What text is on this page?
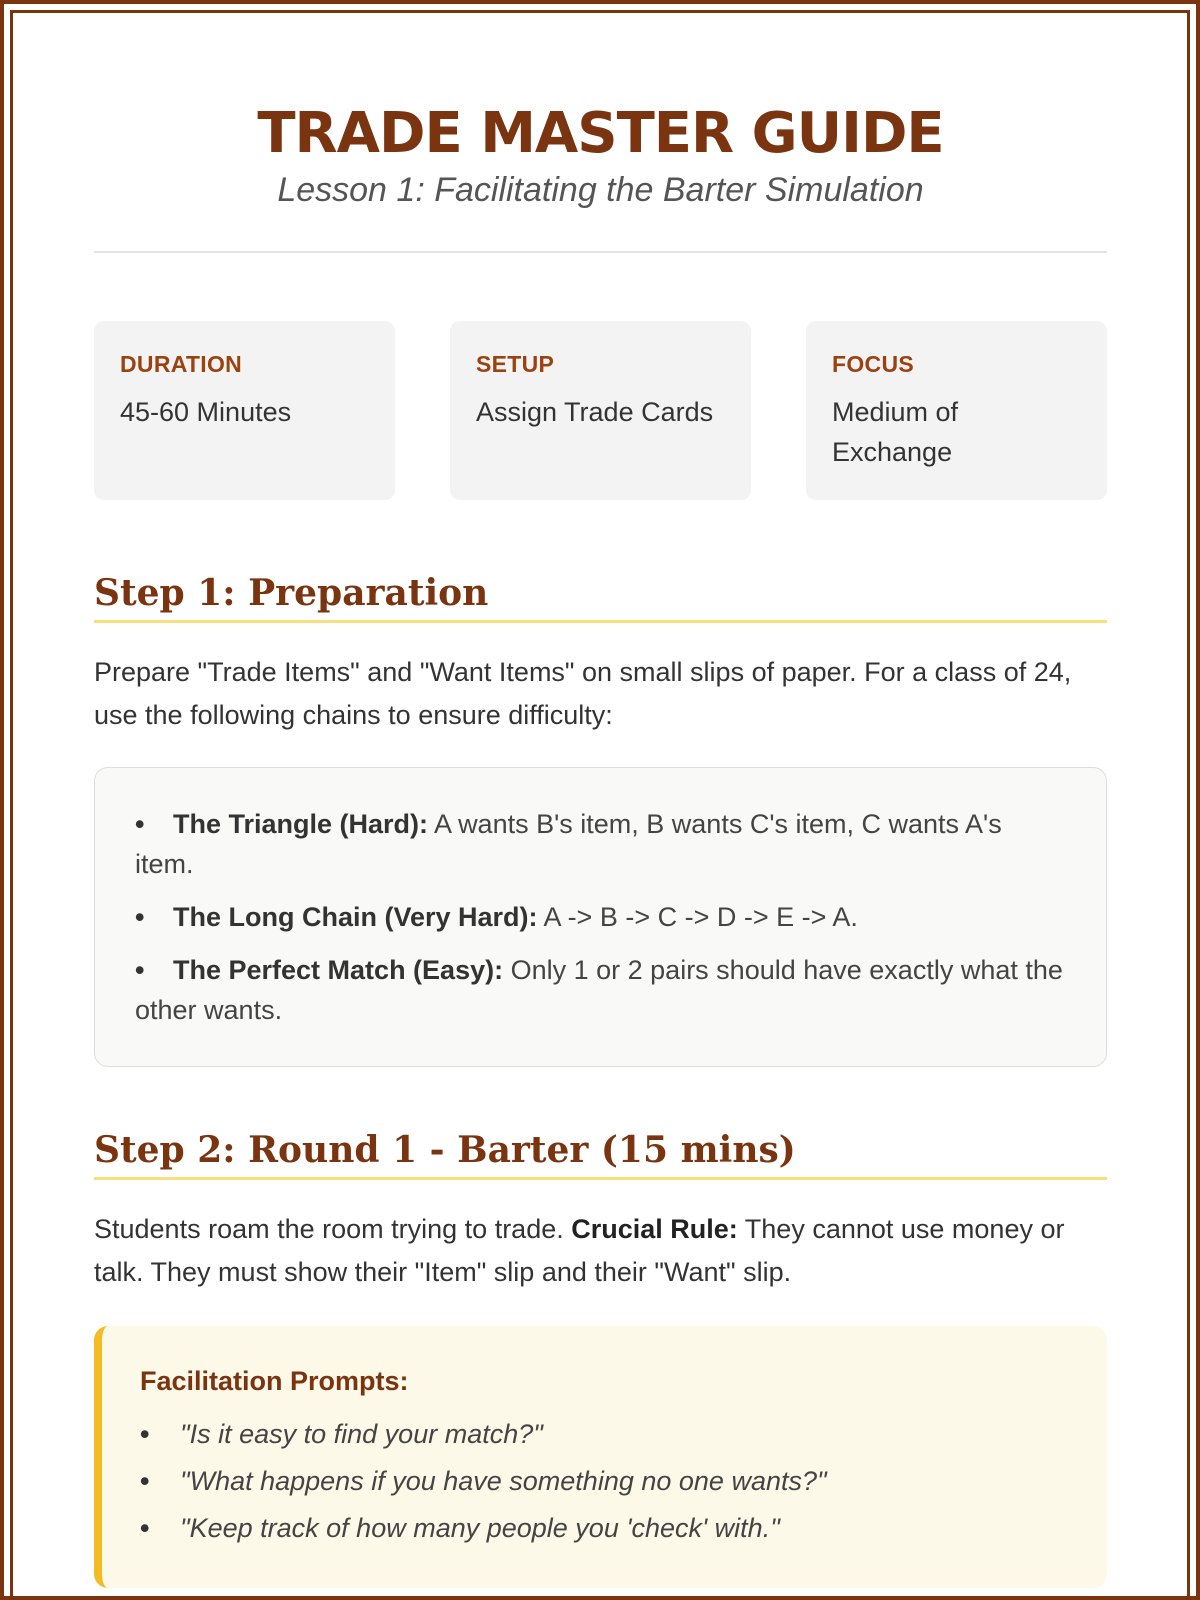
TRADE MASTER GUIDE
Lesson 1: Facilitating the Barter Simulation
DURATION
45-60 Minutes
SETUP
Assign Trade Cards
FOCUS
Medium of Exchange
Step 1: Preparation

Prepare "Trade Items" and "Want Items" on small slips of paper. For a class of 24, use the following chains to ensure difficulty:

• The Triangle (Hard): A wants B's item, B wants C's item, C wants A's item.
• The Long Chain (Very Hard): A -> B -> C -> D -> E -> A.
• The Perfect Match (Easy): Only 1 or 2 pairs should have exactly what the other wants.
Step 2: Round 1 - Barter (15 mins)

Students roam the room trying to trade. Crucial Rule: They cannot use money or talk. They must show their "Item" slip and their "Want" slip.

Facilitation Prompts:
• "Is it easy to find your match?"
• "What happens if you have something no one wants?"
• "Keep track of how many people you 'check' with."
